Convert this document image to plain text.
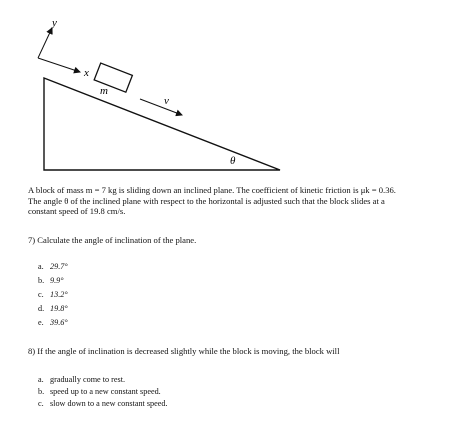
y
x
m
v
θ
A block of mass m = 7 kg is sliding down an inclined plane. The coefficient of kinetic friction is μk = 0.36.
The angle θ of the inclined plane with respect to the horizontal is adjusted such that the block slides at a
constant speed of 19.8 cm/s.
7) Calculate the angle of inclination of the plane.
a. 29.7°
b. 9.9°
c. 13.2°
d. 19.8°
e. 39.6°
8) If the angle of inclination is decreased slightly while the block is moving, the block will
a. gradually come to rest.
b. speed up to a new constant speed.
c. slow down to a new constant speed.
